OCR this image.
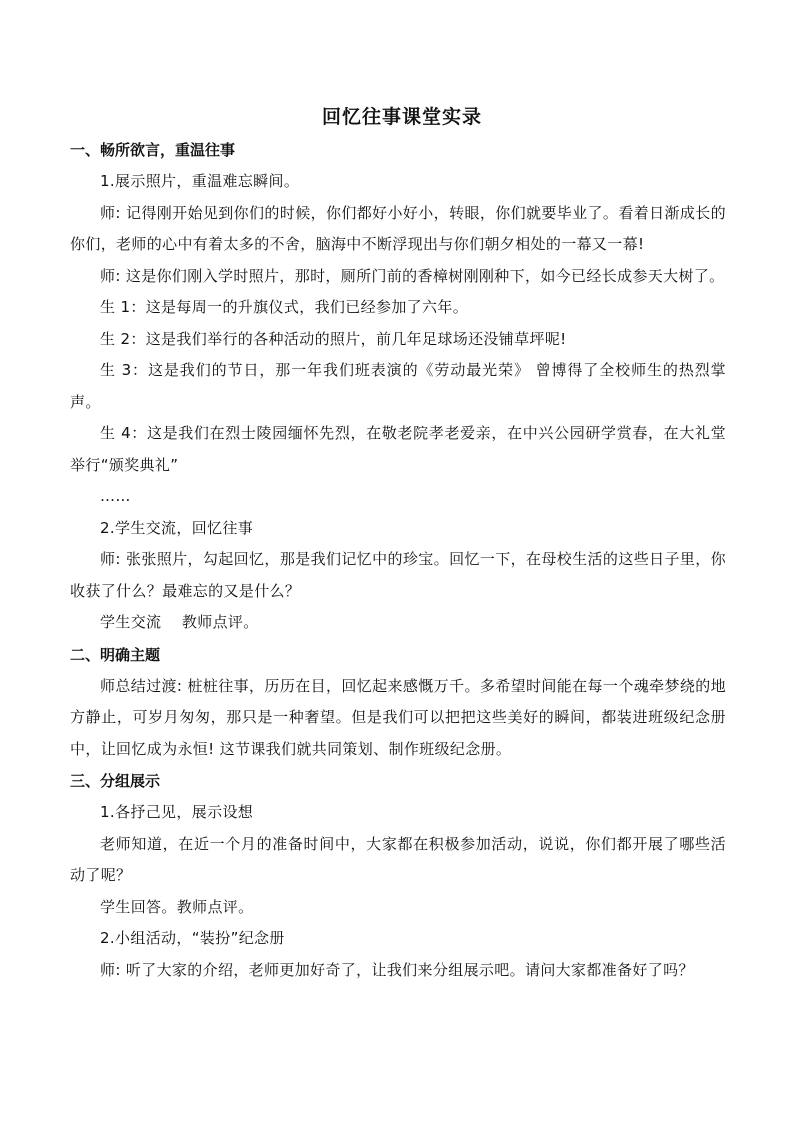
回忆往事课堂实录

一、畅所欲言，重温往事

1.展示照片，重温难忘瞬间。

师: 记得刚开始见到你们的时候，你们都好小好小，转眼，你们就要毕业了。看着日渐成长的你们，老师的心中有着太多的不舍，脑海中不断浮现出与你们朝夕相处的一幕又一幕!

师: 这是你们刚入学时照片，那时，厕所门前的香樟树刚刚种下，如今已经长成参天大树了。

生 1：这是每周一的升旗仪式，我们已经参加了六年。

生 2：这是我们举行的各种活动的照片，前几年足球场还没铺草坪呢!

生 3：这是我们的节日，那一年我们班表演的《劳动最光荣》 曾博得了全校师生的热烈掌声。

生 4：这是我们在烈士陵园缅怀先烈，在敬老院孝老爱亲，在中兴公园研学赏春，在大礼堂举行“颁奖典礼”

……

2.学生交流，回忆往事

师: 张张照片，勾起回忆，那是我们记忆中的珍宝。回忆一下，在母校生活的这些日子里，你收获了什么？最难忘的又是什么？

学生交流    教师点评。

二、明确主题

师总结过渡: 桩桩往事，历历在目，回忆起来感慨万千。多希望时间能在每一个魂牵梦绕的地方静止，可岁月匆匆，那只是一种奢望。但是我们可以把把这些美好的瞬间，都装进班级纪念册中，让回忆成为永恒! 这节课我们就共同策划、制作班级纪念册。

三、分组展示

1.各抒己见，展示设想

老师知道，在近一个月的准备时间中，大家都在积极参加活动，说说，你们都开展了哪些活动了呢？

学生回答。教师点评。

2.小组活动，“装扮”纪念册

师: 听了大家的介绍，老师更加好奇了，让我们来分组展示吧。请问大家都准备好了吗？
